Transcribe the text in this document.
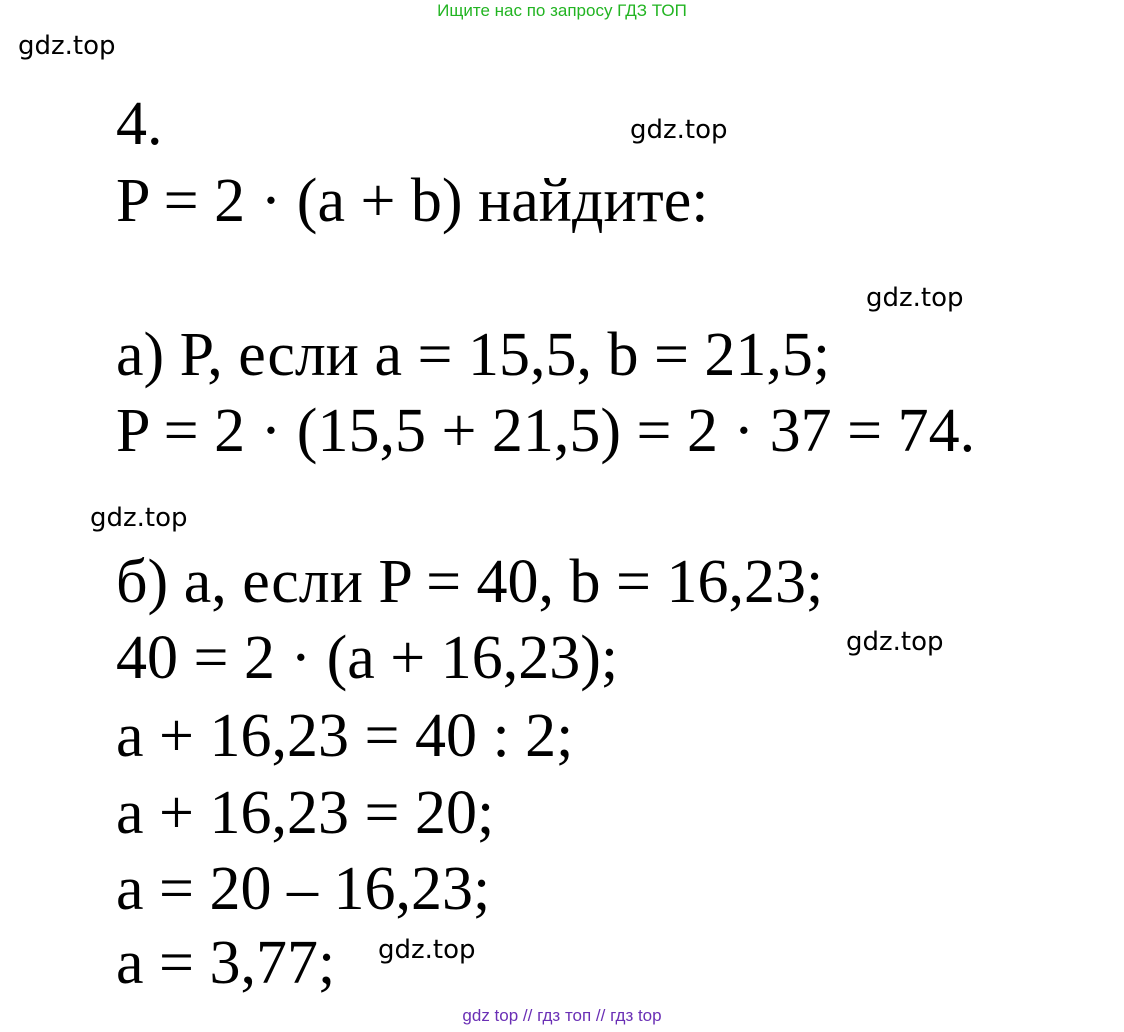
Ищите нас по запросу ГДЗ ТОП
gdz.top
gdz.top
gdz.top
gdz.top
gdz.top
gdz.top
4.
P = 2 · (a + b) найдите:
а) P, если a = 15,5, b = 21,5;
P = 2 · (15,5 + 21,5) = 2 · 37 = 74.
б) a, если P = 40, b = 16,23;
40 = 2 · (a + 16,23);
a + 16,23 = 40 : 2;
a + 16,23 = 20;
a = 20 – 16,23;
a = 3,77;
gdz top // гдз топ // гдз top
